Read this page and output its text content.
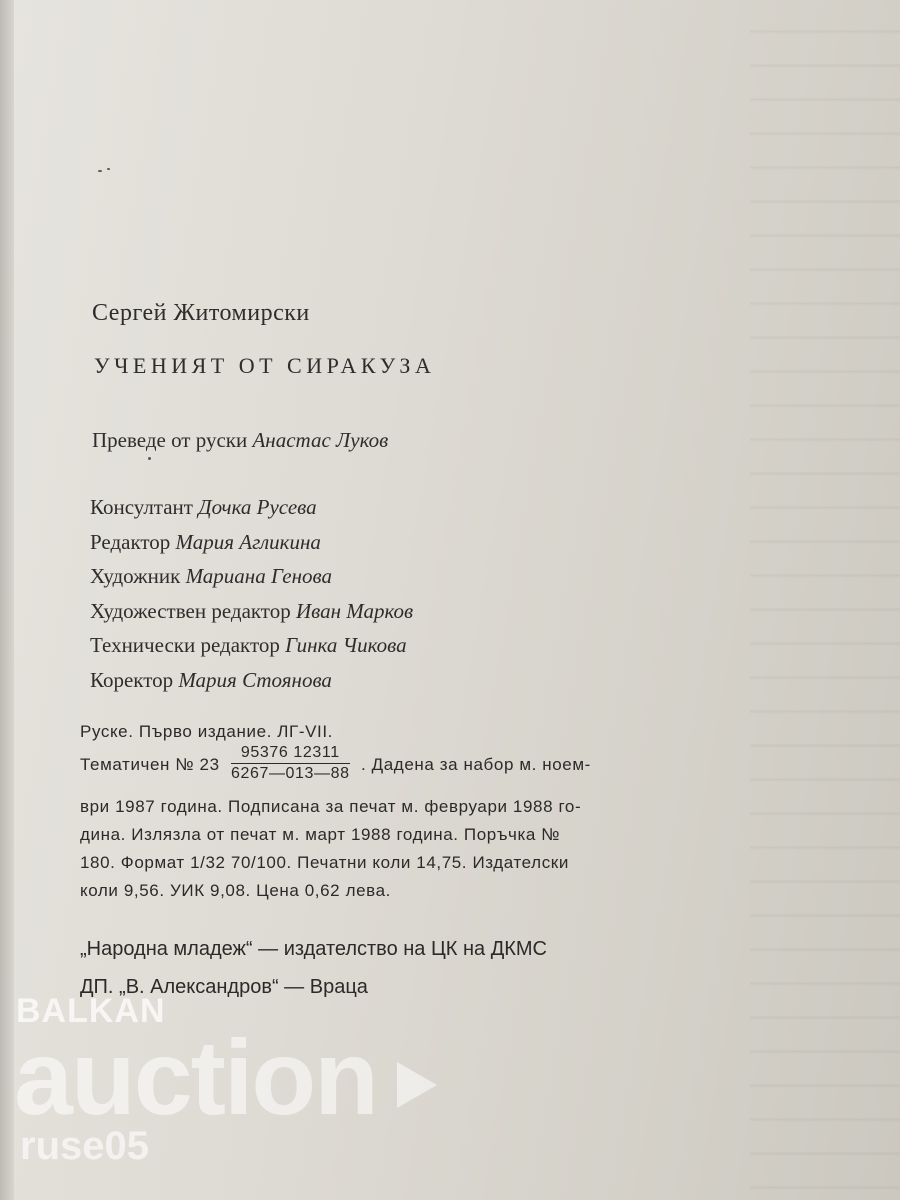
Сергей Житомирски
УЧЕНИЯТ ОТ СИРАКУЗА
Преведе от руски Анастас Луков
Консултант Дочка Русева
Редактор Мария Агликина
Художник Мариана Генова
Художествен редактор Иван Марков
Технически редактор Гинка Чикова
Коректор Мария Стоянова
Руске. Първо издание. ЛГ-VII.
Тематичен № $23 \frac{95376 12311}{6267—013—88}$ . Дадена за набор м. ноем-
ври 1987 година. Подписана за печат м. февруари 1988 го-
дина. Излязла от печат м. март 1988 година. Поръчка №
180. Формат 1/32 70/100. Печатни коли 14,75. Издателски
коли 9,56. УИК 9,08. Цена 0,62 лева.
„Народна младеж“ — издателство на ЦК на ДКМС
ДП. „В. Александров“ — Враца
BALKAN
auction
ruse05
